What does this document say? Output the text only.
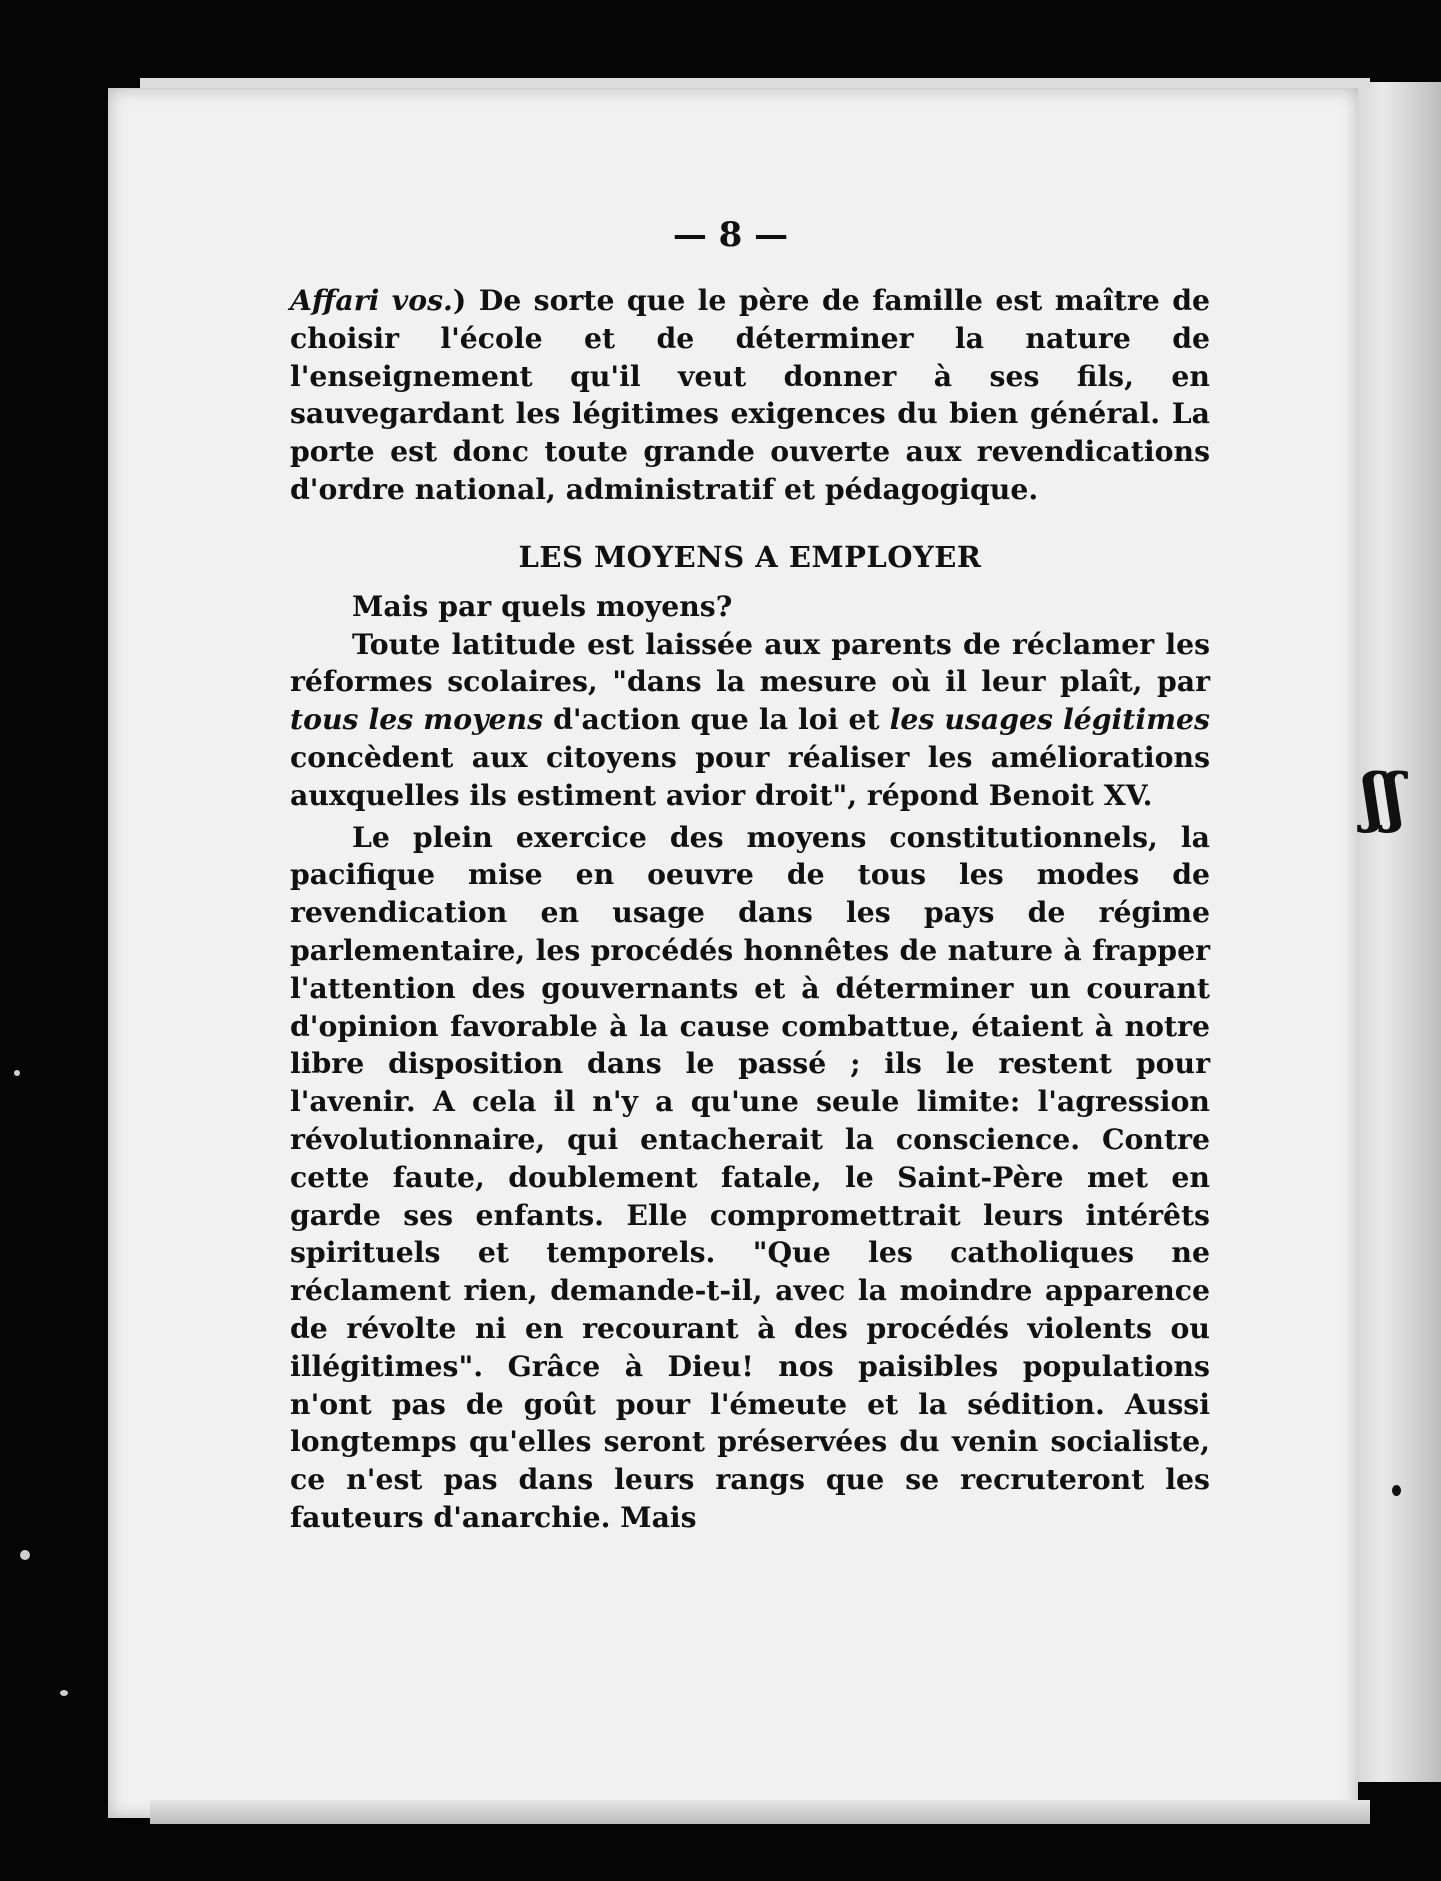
ʃʃ
— 8 —

Affari vos.) De sorte que le père de famille est maître de choisir l'école et de déterminer la nature de l'enseignement qu'il veut donner à ses fils, en sauvegardant les légitimes exigences du bien général. La porte est donc toute grande ouverte aux revendications d'ordre national, administratif et pédagogique.

LES MOYENS A EMPLOYER

Mais par quels moyens?

Toute latitude est laissée aux parents de réclamer les réformes scolaires, "dans la mesure où il leur plaît, par tous les moyens d'action que la loi et les usages légitimes concèdent aux citoyens pour réaliser les améliorations auxquelles ils estiment avior droit", répond Benoit XV.

Le plein exercice des moyens constitutionnels, la pacifique mise en oeuvre de tous les modes de revendication en usage dans les pays de régime parlementaire, les procédés honnêtes de nature à frapper l'attention des gouvernants et à déterminer un courant d'opinion favorable à la cause combattue, étaient à notre libre disposition dans le passé ; ils le restent pour l'avenir. A cela il n'y a qu'une seule limite: l'agression révolutionnaire, qui entacherait la conscience. Contre cette faute, doublement fatale, le Saint-Père met en garde ses enfants. Elle compromettrait leurs intérêts spirituels et temporels. "Que les catholiques ne réclament rien, demande-t-il, avec la moindre apparence de révolte ni en recourant à des procédés violents ou illégitimes". Grâce à Dieu! nos paisibles populations n'ont pas de goût pour l'émeute et la sédition. Aussi longtemps qu'elles seront préservées du venin socialiste, ce n'est pas dans leurs rangs que se recruteront les fauteurs d'anarchie. Mais
